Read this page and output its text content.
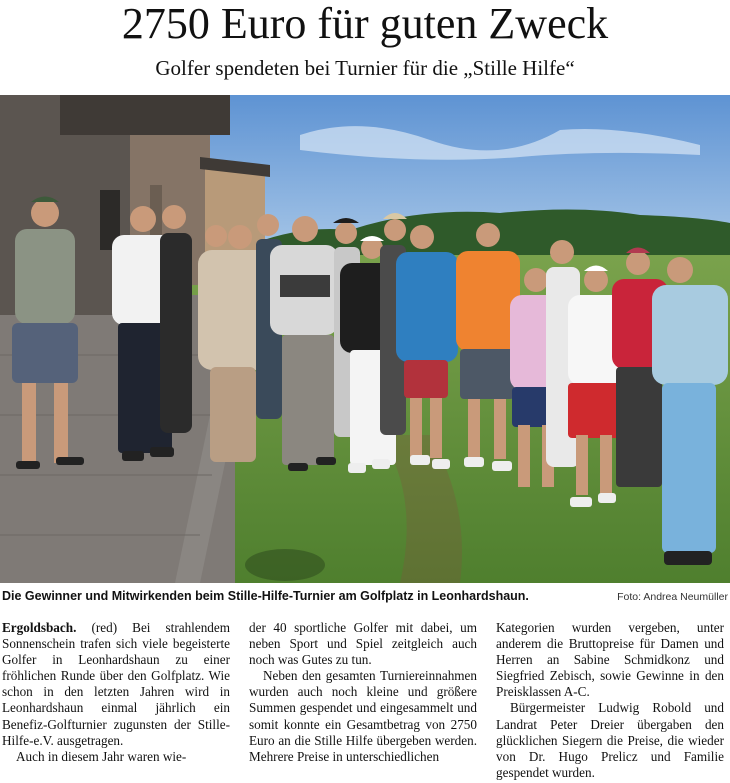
2750 Euro für guten Zweck
Golfer spendeten bei Turnier für die „Stille Hilfe“
Die Gewinner und Mitwirkenden beim Stille-Hilfe-Turnier am Golfplatz in Leonhardshaun.	Foto: Andrea Neumüller

Ergoldsbach. (red) Bei strahlendem Sonnenschein trafen sich viele begeisterte Golfer in Leonhardshaun zu einer fröhlichen Runde über den Golfplatz. Wie schon in den letzten Jahren wird in Leonhardshaun einmal jährlich ein Benefiz-Golfturnier zugunsten der Stille-Hilfe-e.V. ausgetragen.

Auch in diesem Jahr waren wie-

der 40 sportliche Golfer mit dabei, um neben Sport und Spiel zeitgleich auch noch was Gutes zu tun.

Neben den gesamten Turniereinnahmen wurden auch noch kleine und größere Summen gespendet und eingesammelt und somit konnte ein Gesamtbetrag von 2750 Euro an die Stille Hilfe übergeben werden. Mehrere Preise in unterschiedlichen

Kategorien wurden vergeben, unter anderem die Bruttopreise für Damen und Herren an Sabine Schmidkonz und Siegfried Zebisch, sowie Gewinne in den Preisklassen A-C.

Bürgermeister Ludwig Robold und Landrat Peter Dreier übergaben den glücklichen Siegern die Preise, die wieder von Dr. Hugo Prelicz und Familie gespendet wurden.
